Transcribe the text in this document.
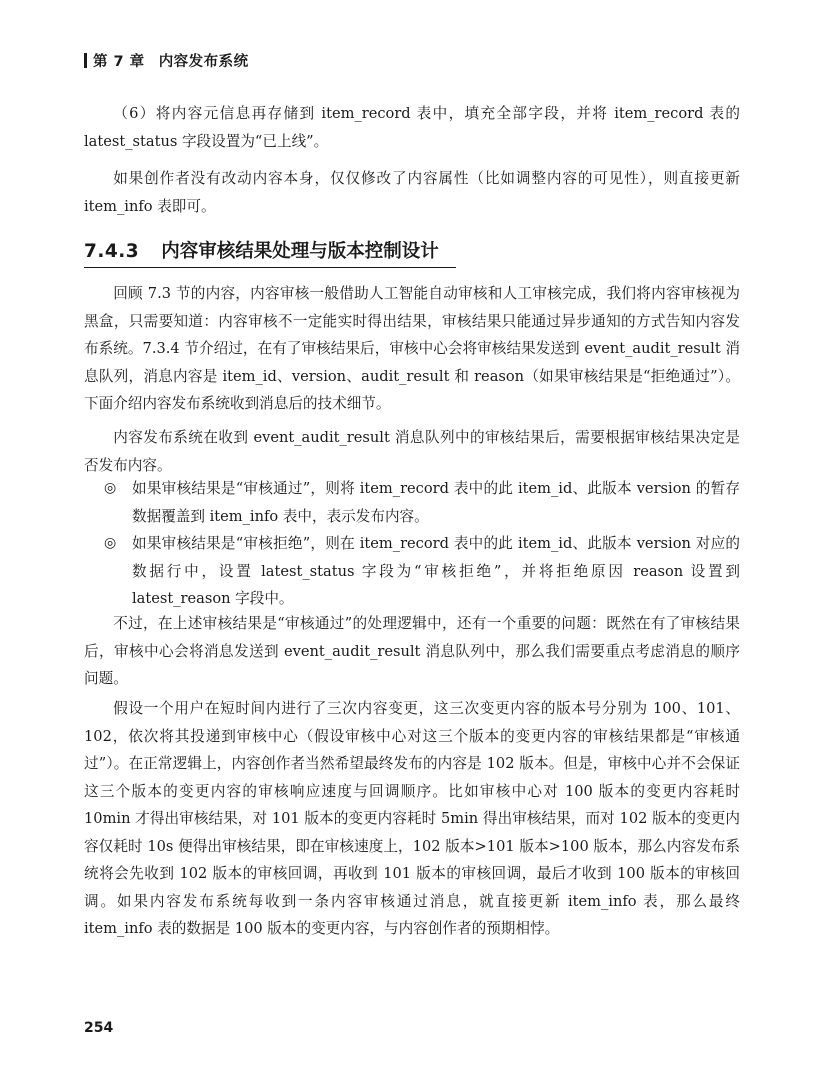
第 7 章 内容发布系统

（6）将内容元信息再存储到 item_record 表中，填充全部字段，并将 item_record 表的 latest_status 字段设置为“已上线”。

如果创作者没有改动内容本身，仅仅修改了内容属性（比如调整内容的可见性），则直接更新 item_info 表即可。

7.4.3 内容审核结果处理与版本控制设计

回顾 7.3 节的内容，内容审核一般借助人工智能自动审核和人工审核完成，我们将内容审核视为黑盒，只需要知道：内容审核不一定能实时得出结果，审核结果只能通过异步通知的方式告知内容发布系统。7.3.4 节介绍过，在有了审核结果后，审核中心会将审核结果发送到 event_audit_result 消息队列，消息内容是 item_id、version、audit_result 和 reason（如果审核结果是“拒绝通过”）。下面介绍内容发布系统收到消息后的技术细节。

内容发布系统在收到 event_audit_result 消息队列中的审核结果后，需要根据审核结果决定是否发布内容。

◎	如果审核结果是“审核通过”，则将 item_record 表中的此 item_id、此版本 version 的暂存数据覆盖到 item_info 表中，表示发布内容。
◎	如果审核结果是“审核拒绝”，则在 item_record 表中的此 item_id、此版本 version 对应的数据行中，设置 latest_status 字段为“审核拒绝”，并将拒绝原因 reason 设置到 latest_reason 字段中。

不过，在上述审核结果是“审核通过”的处理逻辑中，还有一个重要的问题：既然在有了审核结果后，审核中心会将消息发送到 event_audit_result 消息队列中，那么我们需要重点考虑消息的顺序问题。

假设一个用户在短时间内进行了三次内容变更，这三次变更内容的版本号分别为 100、101、102，依次将其投递到审核中心（假设审核中心对这三个版本的变更内容的审核结果都是“审核通过”）。在正常逻辑上，内容创作者当然希望最终发布的内容是 102 版本。但是，审核中心并不会保证这三个版本的变更内容的审核响应速度与回调顺序。比如审核中心对 100 版本的变更内容耗时 10min 才得出审核结果，对 101 版本的变更内容耗时 5min 得出审核结果，而对 102 版本的变更内容仅耗时 10s 便得出审核结果，即在审核速度上，102 版本>101 版本>100 版本，那么内容发布系统将会先收到 102 版本的审核回调，再收到 101 版本的审核回调，最后才收到 100 版本的审核回调。如果内容发布系统每收到一条内容审核通过消息，就直接更新 item_info 表，那么最终 item_info 表的数据是 100 版本的变更内容，与内容创作者的预期相悖。

254
